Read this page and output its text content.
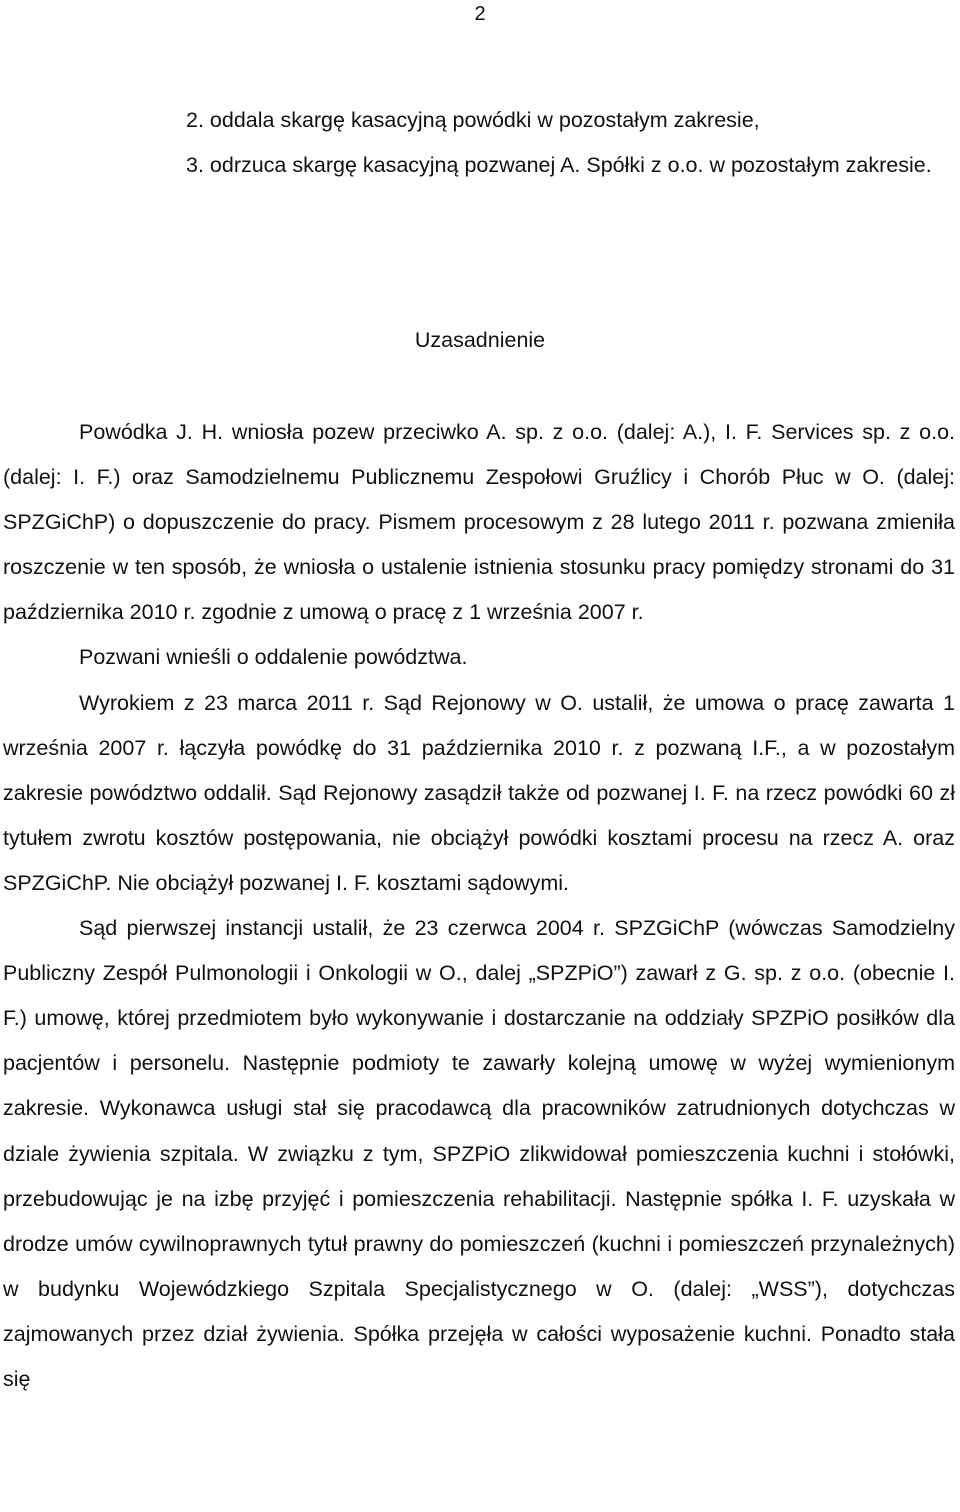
2

2. oddala skargę kasacyjną powódki w pozostałym zakresie,

3. odrzuca skargę kasacyjną pozwanej A. Spółki z o.o. w pozostałym zakresie.

Uzasadnienie

Powódka J. H. wniosła pozew przeciwko A. sp. z o.o. (dalej: A.), I. F. Services sp. z o.o. (dalej: I. F.) oraz Samodzielnemu Publicznemu Zespołowi Gruźlicy i Chorób Płuc w O. (dalej: SPZGiChP) o dopuszczenie do pracy. Pismem procesowym z 28 lutego 2011 r. pozwana zmieniła roszczenie w ten sposób, że wniosła o ustalenie istnienia stosunku pracy pomiędzy stronami do 31 października 2010 r. zgodnie z umową o pracę z 1 września 2007 r.

Pozwani wnieśli o oddalenie powództwa.

Wyrokiem z 23 marca 2011 r. Sąd Rejonowy w O. ustalił, że umowa o pracę zawarta 1 września 2007 r. łączyła powódkę do 31 października 2010 r. z pozwaną I.F., a w pozostałym zakresie powództwo oddalił. Sąd Rejonowy zasądził także od pozwanej I. F. na rzecz powódki 60 zł tytułem zwrotu kosztów postępowania, nie obciążył powódki kosztami procesu na rzecz A. oraz SPZGiChP. Nie obciążył pozwanej I. F. kosztami sądowymi.

Sąd pierwszej instancji ustalił, że 23 czerwca 2004 r. SPZGiChP (wówczas Samodzielny Publiczny Zespół Pulmonologii i Onkologii w O., dalej „SPZPiO”) zawarł z G. sp. z o.o. (obecnie I. F.) umowę, której przedmiotem było wykonywanie i dostarczanie na oddziały SPZPiO posiłków dla pacjentów i personelu. Następnie podmioty te zawarły kolejną umowę w wyżej wymienionym zakresie. Wykonawca usługi stał się pracodawcą dla pracowników zatrudnionych dotychczas w dziale żywienia szpitala. W związku z tym, SPZPiO zlikwidował pomieszczenia kuchni i stołówki, przebudowując je na izbę przyjęć i pomieszczenia rehabilitacji. Następnie spółka I. F. uzyskała w drodze umów cywilnoprawnych tytuł prawny do pomieszczeń (kuchni i pomieszczeń przynależnych) w budynku Wojewódzkiego Szpitala Specjalistycznego w O. (dalej: „WSS”), dotychczas zajmowanych przez dział żywienia. Spółka przejęła w całości wyposażenie kuchni. Ponadto stała się
